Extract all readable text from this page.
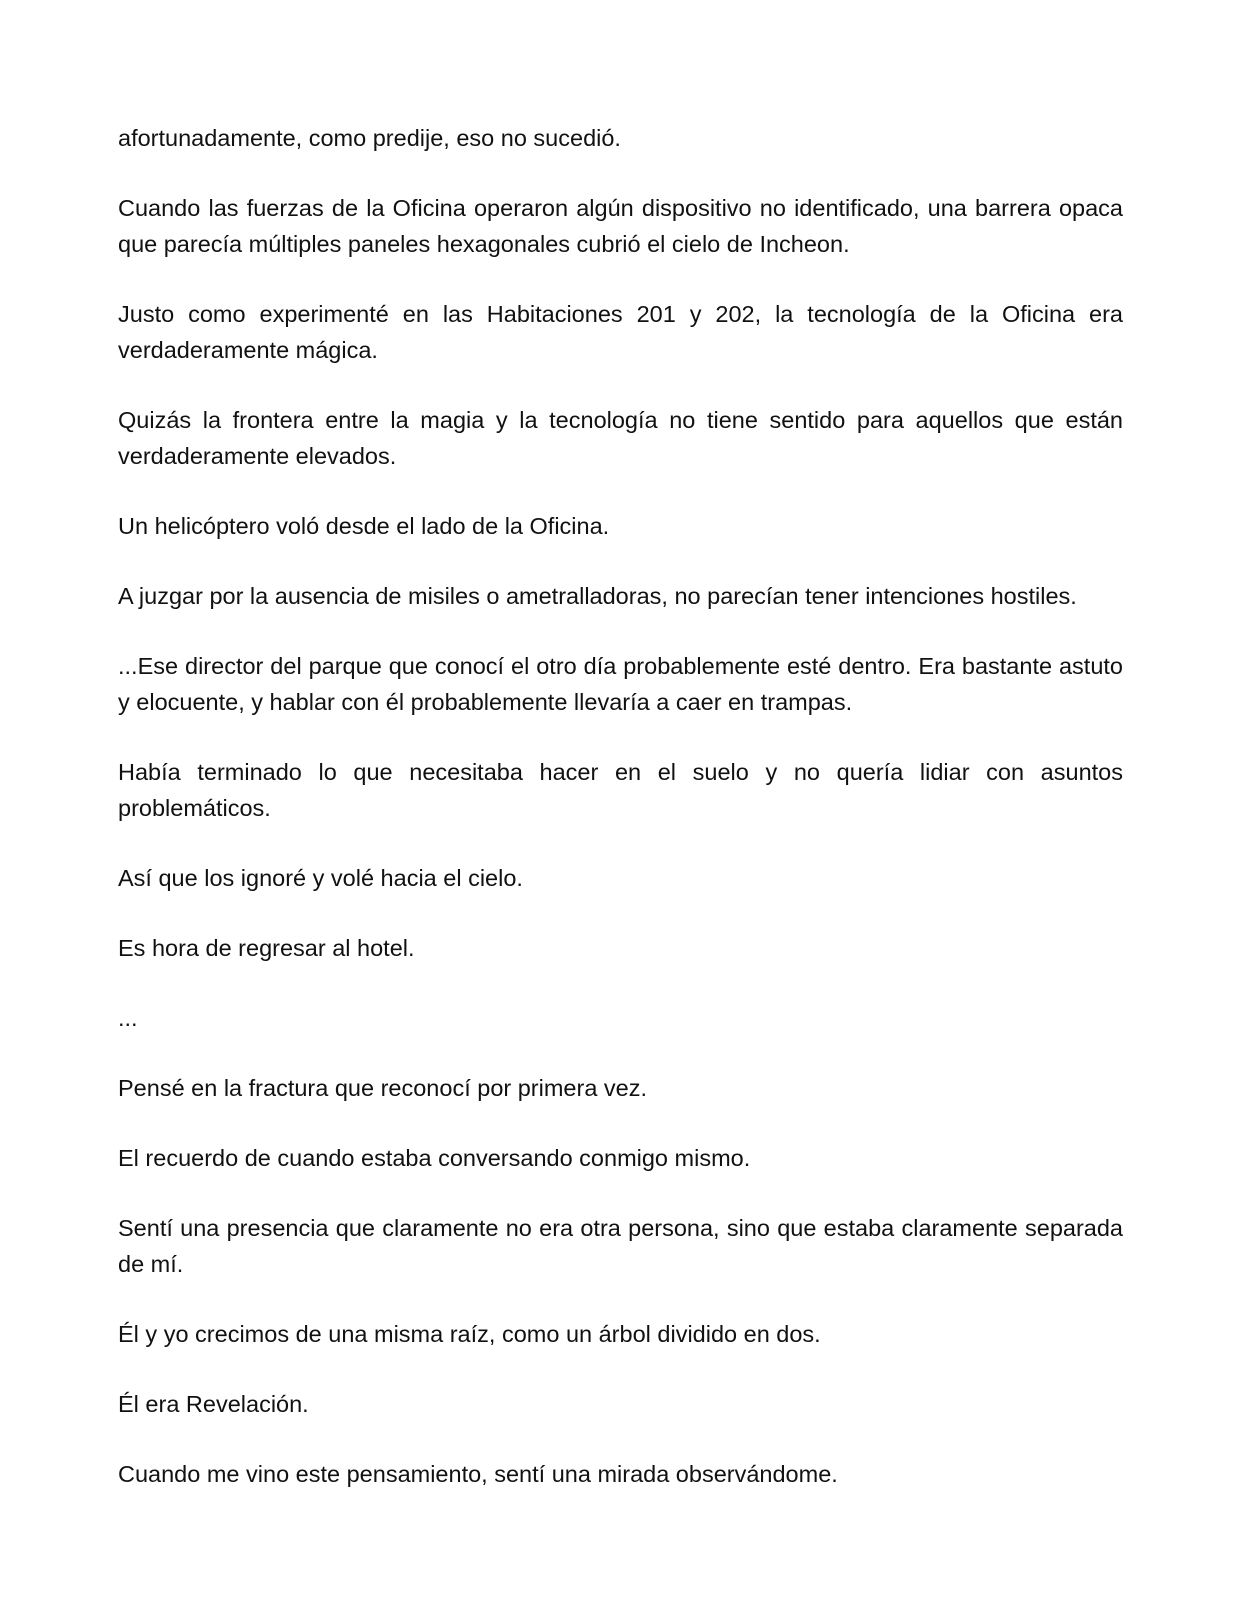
afortunadamente, como predije, eso no sucedió.

Cuando las fuerzas de la Oficina operaron algún dispositivo no identificado, una barrera opaca que parecía múltiples paneles hexagonales cubrió el cielo de Incheon.

Justo como experimenté en las Habitaciones 201 y 202, la tecnología de la Oficina era verdaderamente mágica.

Quizás la frontera entre la magia y la tecnología no tiene sentido para aquellos que están verdaderamente elevados.

Un helicóptero voló desde el lado de la Oficina.

A juzgar por la ausencia de misiles o ametralladoras, no parecían tener intenciones hostiles.

...Ese director del parque que conocí el otro día probablemente esté dentro. Era bastante astuto y elocuente, y hablar con él probablemente llevaría a caer en trampas.

Había terminado lo que necesitaba hacer en el suelo y no quería lidiar con asuntos problemáticos.

Así que los ignoré y volé hacia el cielo.

Es hora de regresar al hotel.

...

Pensé en la fractura que reconocí por primera vez.

El recuerdo de cuando estaba conversando conmigo mismo.

Sentí una presencia que claramente no era otra persona, sino que estaba claramente separada de mí.

Él y yo crecimos de una misma raíz, como un árbol dividido en dos.

Él era Revelación.

Cuando me vino este pensamiento, sentí una mirada observándome.
